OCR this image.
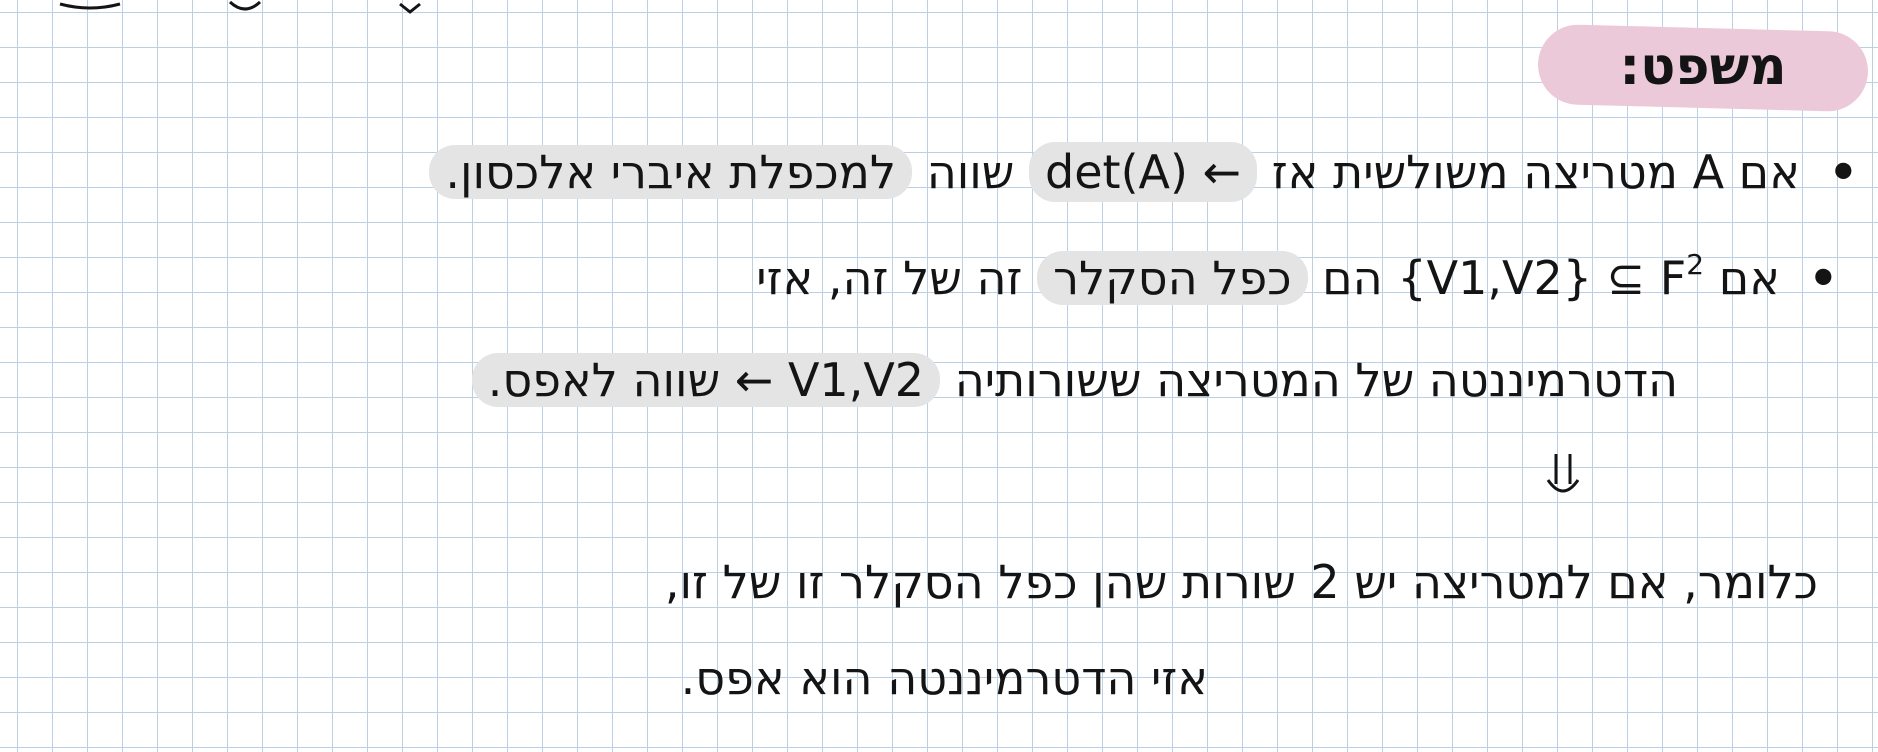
משפט:
• אם A מטריצה משולשית אז det(A) ← שווה למכפלת איברי אלכסון.
• אם {V1,V2} ⊆ $F^2$ הם כפל הסקלר זה של זה, אזי
הדטרמיננטה של המטריצה ששורותיה V1,V2 ← שווה לאפס.
כלומר, אם למטריצה יש 2 שורות שהן כפל הסקלר זו של זו,
אזי הדטרמיננטה הוא אפס.
